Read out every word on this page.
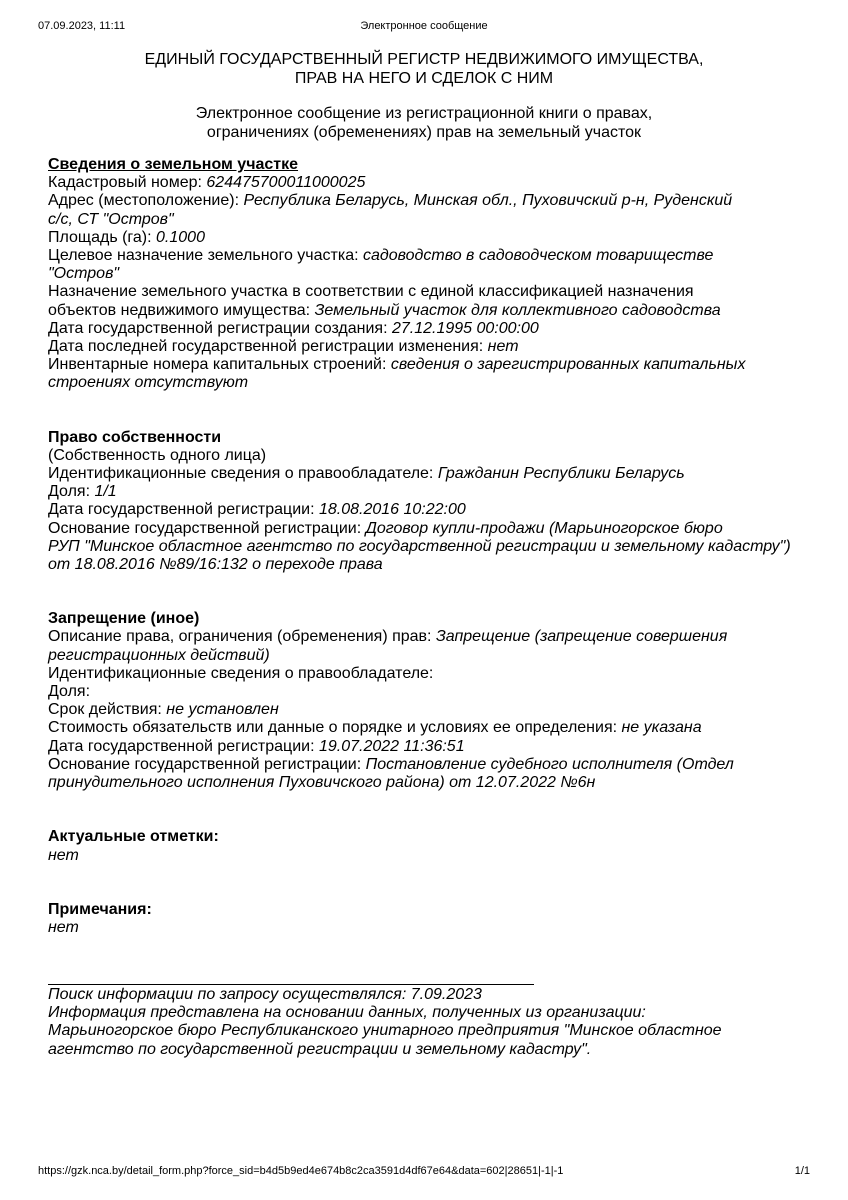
07.09.2023, 11:11	Электронное сообщение
ЕДИНЫЙ ГОСУДАРСТВЕННЫЙ РЕГИСТР НЕДВИЖИМОГО ИМУЩЕСТВА,
ПРАВ НА НЕГО И СДЕЛОК С НИМ
Электронное сообщение из регистрационной книги о правах,
ограничениях (обременениях) прав на земельный участок
Сведения о земельном участке
Кадастровый номер: 624475700011000025
Адрес (местоположение): Республика Беларусь, Минская обл., Пуховичский р-н, Руденский
с/с, СТ "Остров"
Площадь (га): 0.1000
Целевое назначение земельного участка: садоводство в садоводческом товариществе
"Остров"
Назначение земельного участка в соответствии с единой классификацией назначения
объектов недвижимого имущества: Земельный участок для коллективного садоводства
Дата государственной регистрации создания: 27.12.1995 00:00:00
Дата последней государственной регистрации изменения: нет
Инвентарные номера капитальных строений: сведения о зарегистрированных капитальных
строениях отсутствуют
Право собственности
(Собственность одного лица)
Идентификационные сведения о правообладателе: Гражданин Республики Беларусь
Доля: 1/1
Дата государственной регистрации: 18.08.2016 10:22:00
Основание государственной регистрации: Договор купли-продажи (Марьиногорское бюро
РУП "Минское областное агентство по государственной регистрации и земельному кадастру")
от 18.08.2016 №89/16:132 о переходе права
Запрещение (иное)
Описание права, ограничения (обременения) прав: Запрещение (запрещение совершения
регистрационных действий)
Идентификационные сведения о правообладателе:
Доля:
Срок действия: не установлен
Стоимость обязательств или данные о порядке и условиях ее определения: не указана
Дата государственной регистрации: 19.07.2022 11:36:51
Основание государственной регистрации: Постановление судебного исполнителя (Отдел
принудительного исполнения Пуховичского района) от 12.07.2022 №6н
Актуальные отметки:
нет
Примечания:
нет
Поиск информации по запросу осуществлялся: 7.09.2023
Информация представлена на основании данных, полученных из организации:
Марьиногорское бюро Республиканского унитарного предприятия "Минское областное
агентство по государственной регистрации и земельному кадастру".
https://gzk.nca.by/detail_form.php?force_sid=b4d5b9ed4e674b8c2ca3591d4df67e64&data=602|28651|-1|-1	1/1
